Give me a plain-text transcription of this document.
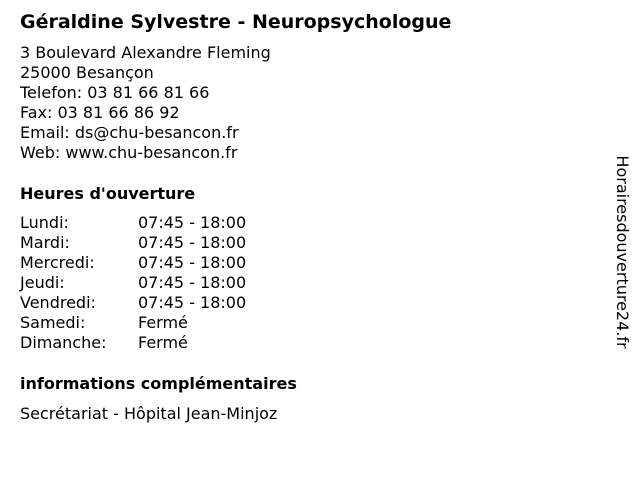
Géraldine Sylvestre - Neuropsychologue
3 Boulevard Alexandre Fleming
25000 Besançon
Telefon: 03 81 66 81 66
Fax: 03 81 66 86 92
Email: ds@chu-besancon.fr
Web: www.chu-besancon.fr
Heures d'ouverture
Lundi:	07:45 - 18:00
Mardi:	07:45 - 18:00
Mercredi:	07:45 - 18:00
Jeudi:	07:45 - 18:00
Vendredi:	07:45 - 18:00
Samedi:	Fermé
Dimanche: Fermé
informations complémentaires
Secrétariat - Hôpital Jean-Minjoz
Horairesdouverture24.fr
